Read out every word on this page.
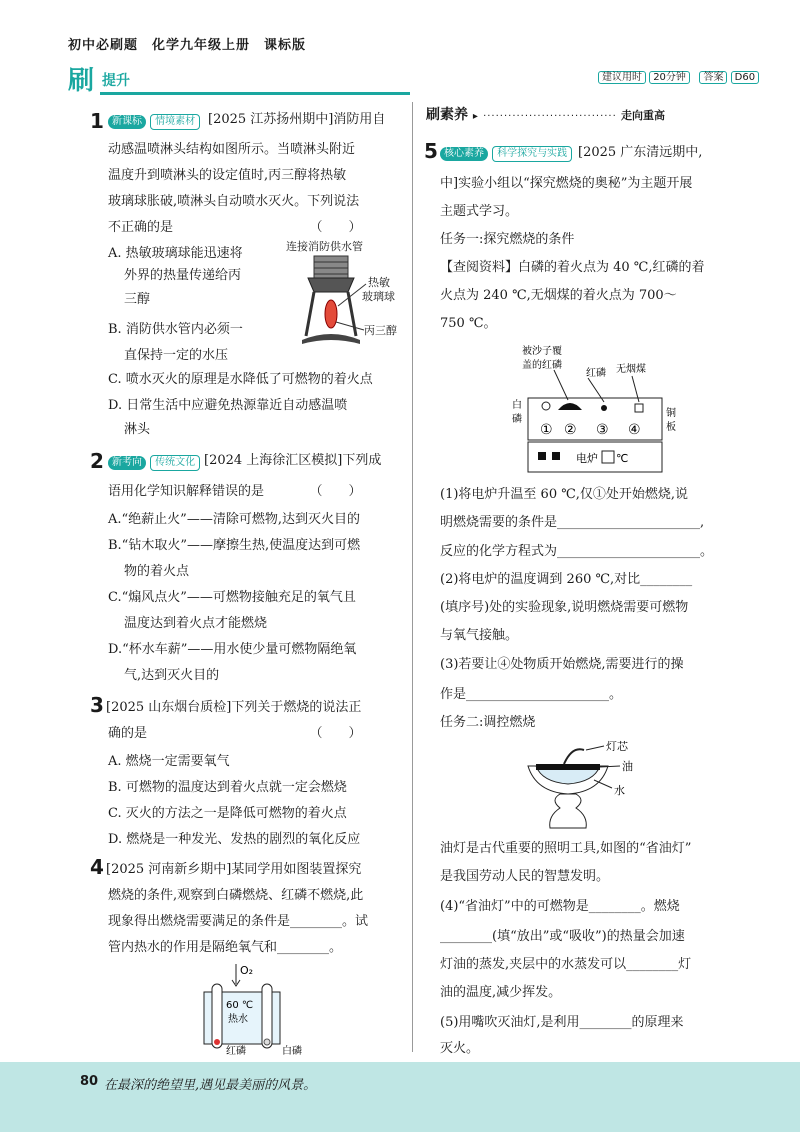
初中必刷题　化学九年级上册　课标版
刷 提升	建议用时 20分钟 答案 D60
1 新课标 情境素材 [2025 江苏扬州期中]消防用自
动感温喷淋头结构如图所示。当喷淋头附近
温度升到喷淋头的设定值时,丙三醇将热敏
玻璃球胀破,喷淋头自动喷水灭火。下列说法
不正确的是　　　　　　　　　　　（　　）
A. 热敏玻璃球能迅速将
外界的热量传递给丙
三醇
B. 消防供水管内必须一
直保持一定的水压
C. 喷水灭火的原理是水降低了可燃物的着火点
D. 日常生活中应避免热源靠近自动感温喷
淋头
连接消防供水管
热敏
玻璃球
丙三醇
2 新考向 传统文化 [2024 上海徐汇区模拟]下列成
语用化学知识解释错误的是　　　　（　　）
A.“绝薪止火”——清除可燃物,达到灭火目的
B.“钻木取火”——摩擦生热,使温度达到可燃
物的着火点
C.“煽风点火”——可燃物接触充足的氧气且
温度达到着火点才能燃烧
D.“杯水车薪”——用水使少量可燃物隔绝氧
气,达到灭火目的
3 [2025 山东烟台质检]下列关于燃烧的说法正
确的是　　　　　　　　　　　　　（　　）
A. 燃烧一定需要氧气
B. 可燃物的温度达到着火点就一定会燃烧
C. 灭火的方法之一是降低可燃物的着火点
D. 燃烧是一种发光、发热的剧烈的氧化反应
4 [2025 河南新乡期中]某同学用如图装置探究
燃烧的条件,观察到白磷燃烧、红磷不燃烧,此
现象得出燃烧需要满足的条件是________。试
管内热水的作用是隔绝氧气和________。
O₂
60 ℃
热水
红磷	白磷
刷素养 ▸ ································ 走向重高
5 核心素养 科学探究与实践 [2025 广东清远期中,
中]实验小组以“探究燃烧的奥秘”为主题开展
主题式学习。
任务一:探究燃烧的条件
【查阅资料】白磷的着火点为 40 ℃,红磷的着
火点为 240 ℃,无烟煤的着火点为 700～
750 ℃。
被沙子覆
盖的红磷
红磷 无烟煤
白
磷
铜
板
① ② ③ ④
电炉 ℃
(1)将电炉升温至 60 ℃,仅①处开始燃烧,说
明燃烧需要的条件是______________________,
反应的化学方程式为______________________。
(2)将电炉的温度调到 260 ℃,对比________
(填序号)处的实验现象,说明燃烧需要可燃物
与氧气接触。
(3)若要让④处物质开始燃烧,需要进行的操
作是______________________。
任务二:调控燃烧
灯芯
油
水
油灯是古代重要的照明工具,如图的“省油灯”
是我国劳动人民的智慧发明。
(4)“省油灯”中的可燃物是________。燃烧
________(填“放出”或“吸收”)的热量会加速
灯油的蒸发,夹层中的水蒸发可以________灯
油的温度,减少挥发。
(5)用嘴吹灭油灯,是利用________的原理来
灭火。
80 在最深的绝望里,遇见最美丽的风景。
